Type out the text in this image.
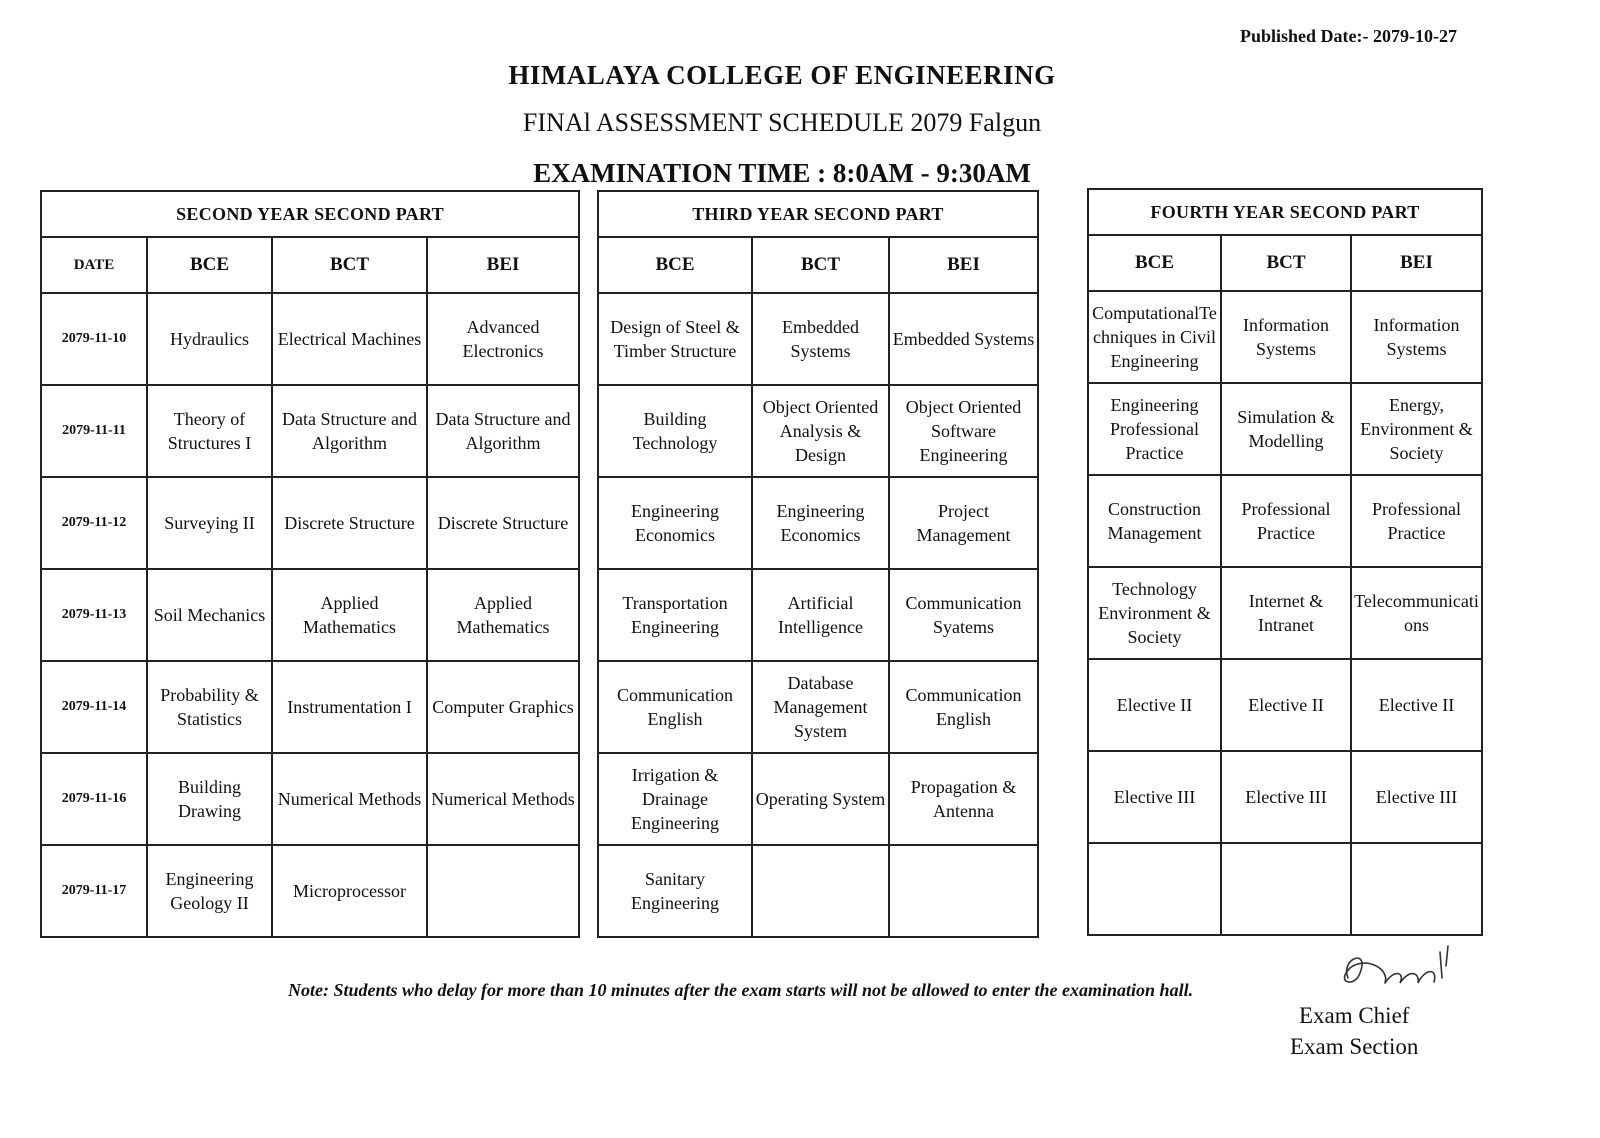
Published Date:- 2079-10-27
HIMALAYA COLLEGE OF ENGINEERING
FINAl ASSESSMENT SCHEDULE 2079 Falgun
EXAMINATION TIME : 8:0AM - 9:30AM
SECOND YEAR SECOND PART			
DATE	BCE	BCT	BEI
2079-11-10	Hydraulics	Electrical Machines	Advanced Electronics
2079-11-11	Theory of Structures I	Data Structure and Algorithm	Data Structure and Algorithm
2079-11-12	Surveying II	Discrete Structure	Discrete Structure
2079-11-13	Soil Mechanics	Applied Mathematics	Applied Mathematics
2079-11-14	Probability & Statistics	Instrumentation I	Computer Graphics
2079-11-16	Building Drawing	Numerical Methods	Numerical Methods
2079-11-17	Engineering Geology II	Microprocessor	
THIRD YEAR SECOND PART		
BCE	BCT	BEI
Design of Steel & Timber Structure	Embedded Systems	Embedded Systems
Building Technology	Object Oriented Analysis & Design	Object Oriented Software Engineering
Engineering Economics	Engineering Economics	Project Management
Transportation Engineering	Artificial Intelligence	Communication Syatems
Communication English	Database Management System	Communication English
Irrigation & Drainage Engineering	Operating System	Propagation & Antenna
Sanitary Engineering		
FOURTH YEAR SECOND PART		
BCE	BCT	BEI
ComputationalTechniques in Civil Engineering	Information Systems	Information Systems
Engineering Professional Practice	Simulation & Modelling	Energy, Environment & Society
Construction Management	Professional Practice	Professional Practice
Technology Environment & Society	Internet & Intranet	Telecommunications
Elective II	Elective II	Elective II
Elective III	Elective III	Elective III

Note: Students who delay for more than 10 minutes after the exam starts will not be allowed to enter the examination hall.
Exam Chief
Exam Section
